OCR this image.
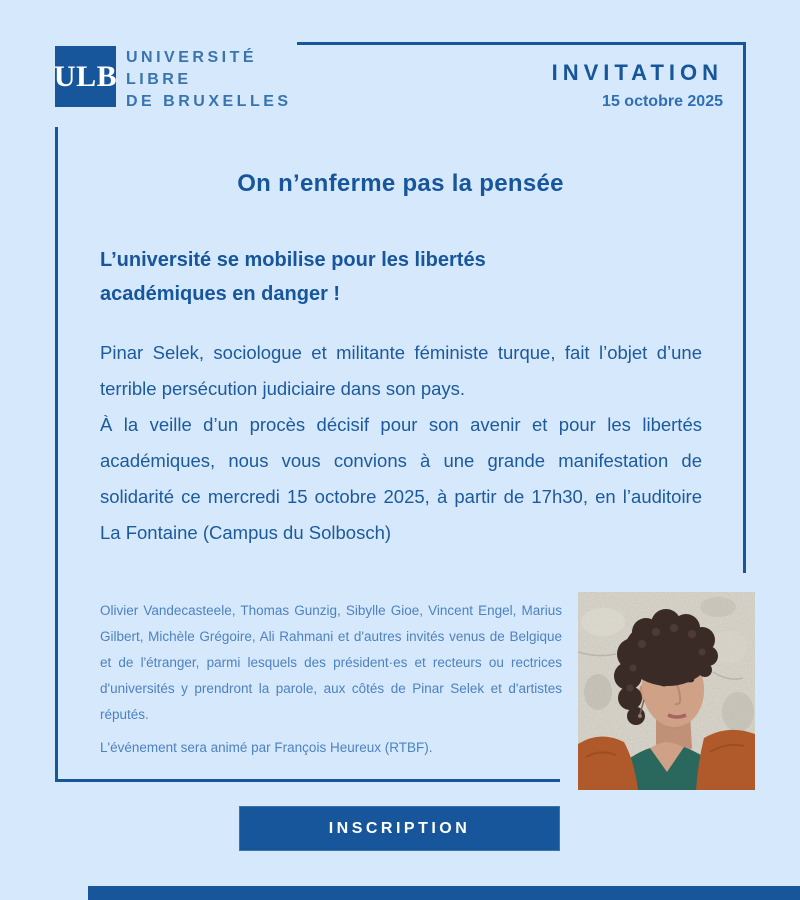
ULB
UNIVERSITÉ
LIBRE
DE BRUXELLES
INVITATION
15 octobre 2025
On n’enferme pas la pensée
L’université se mobilise pour les libertés académiques en danger !

Pinar Selek, sociologue et militante féministe turque, fait l’objet d’une terrible persécution judiciaire dans son pays.

À la veille d’un procès décisif pour son avenir et pour les libertés académiques, nous vous convions à une grande manifestation de solidarité ce mercredi 15 octobre 2025, à partir de 17h30, en l’auditoire La Fontaine (Campus du Solbosch)

Olivier Vandecasteele, Thomas Gunzig, Sibylle Gioe, Vincent Engel, Marius Gilbert, Michèle Grégoire, Ali Rahmani et d'autres invités venus de Belgique et de l'étranger, parmi lesquels des président·es et recteurs ou rectrices d'universités y prendront la parole, aux côtés de Pinar Selek et d'artistes réputés.

L'événement sera animé par François Heureux (RTBF).

INSCRIPTION
